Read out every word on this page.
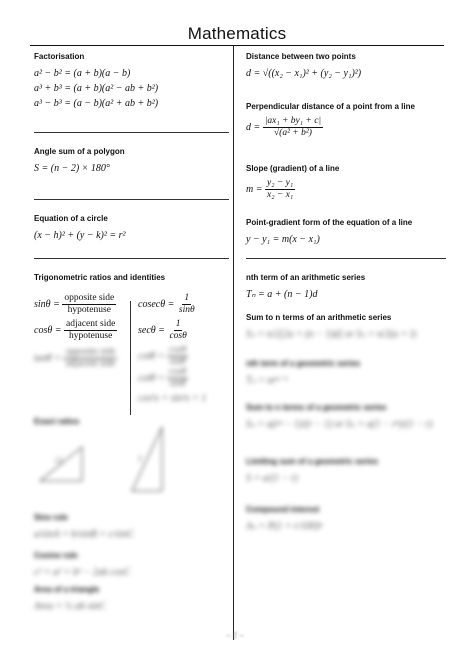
Mathematics
Factorisation
a² − b² = (a + b)(a − b)
a³ + b³ = (a + b)(a² − ab + b²)
a³ − b³ = (a − b)(a² + ab + b²)
Angle sum of a polygon
S = (n − 2) × 180°
Equation of a circle
(x − h)² + (y − k)² = r²
Trigonometric ratios and identities
$\sin\theta = \frac{\text{opposite side}}{\text{hypotenuse}}$
$\cos\theta = \frac{\text{adjacent side}}{\text{hypotenuse}}$
$cosec\theta = \frac{1}{\sin\theta}$
$\sec\theta = \frac{1}{\cos\theta}$
$\tan\theta = \frac{\text{opposite side}}{\text{adjacent side}}$ $\cot\theta = \frac{\cos\theta}{\sin\theta}$
$\cot\theta = \frac{\cos\theta}{\sin\theta}$
cos²x + sin²x = 1
Exact ratios
√2	2
Sine rule
a/sinA = b/sinB = c/sinC
Cosine rule
c² = a² + b² − 2ab cosC
Area of a triangle
Area = ½ ab sinC
Distance between two points
d = √((x₂ − x₁)² + (y₂ − y₁)²)
Perpendicular distance of a point from a line
$d = \frac{\text{|ax₁ + by₁ + c|}}{\text{√(a² + b²)}}$
Slope (gradient) of a line
$m = \frac{\text{y₂ − y₁}}{\text{x₂ − x₁}}$
Point-gradient form of the equation of a line
y − y₁ = m(x − x₁)
nth term of an arithmetic series
Tₙ = a + (n − 1)d
Sum to n terms of an arithmetic series
Sₙ = n/2[2a + (n − 1)d] or Sₙ = n/2(a + l)
nth term of a geometric series
Tₙ = arⁿ⁻¹
Sum to n terms of a geometric series
Sₙ = a(rⁿ − 1)/(r − 1) or Sₙ = a(1 − rⁿ)/(1 − r)
Limiting sum of a geometric series
S = a/(1 − r)
Compound interest
Aₙ = P(1 + r/100)ⁿ
– 2 –
